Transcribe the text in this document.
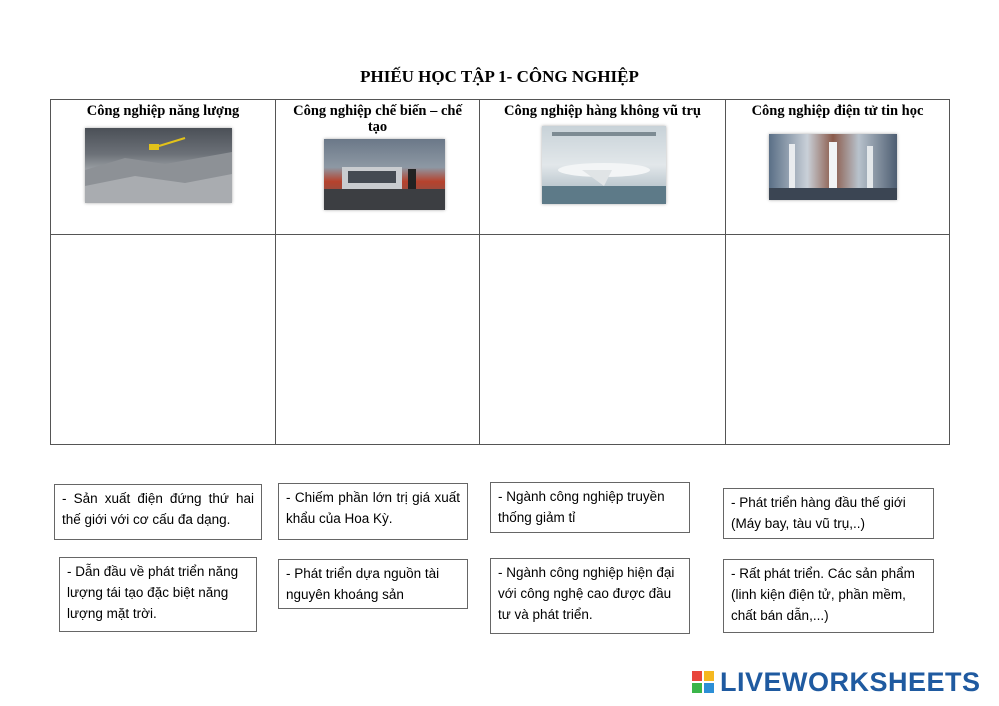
PHIẾU HỌC TẬP 1- CÔNG NGHIỆP
Công nghiệp năng lượng	Công nghiệp chế biến – chế tạo	Công nghiệp hàng không vũ trụ	Công nghiệp điện tử tin học

- Sản xuất điện đứng thứ hai thế giới với cơ cấu đa dạng.
- Dẫn đầu về phát triển năng lượng tái tạo đặc biệt năng lượng mặt trời.
- Chiếm phần lớn trị giá xuất khẩu của Hoa Kỳ.
- Phát triển dựa nguồn tài nguyên khoáng sản
- Ngành công nghiệp truyền thống giảm tỉ
- Ngành công nghiệp hiện đại với công nghệ cao được đầu tư và phát triển.
- Phát triển hàng đầu thế giới (Máy bay, tàu vũ trụ,..)
- Rất phát triển. Các sản phẩm (linh kiện điện tử, phần mềm, chất bán dẫn,...)
LIVEWORKSHEETS
